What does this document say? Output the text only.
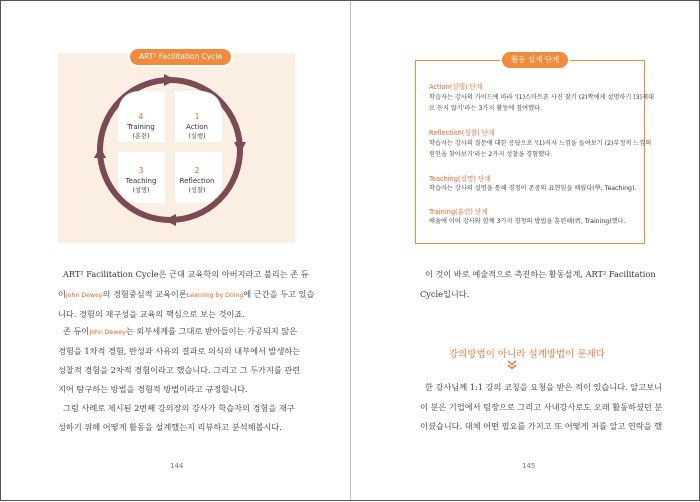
4
Training
(훈련)
1
Action
(실행)
2
Reflection
(성찰)
3
Teaching
(설명)
ART² Facilitation Cycle
ART² Facilitation Cycle은 근대 교육학의 아버지라고 불리는 존 듀
이John Dewey의 경험중심적 교육이론Learning by Doing에 근간을 두고 있습
니다. 경험의 재구성을 교육의 핵심으로 보는 것이죠.
존 듀이John Dewey는 외부세계를 그대로 받아들이는 가공되지 않은
경험을 1차적 경험, 반성과 사유의 결과로 의식의 내부에서 발생하는
성찰적 경험을 2차적 경험이라고 했습니다. 그리고 그 두가지를 관련
지어 탐구하는 방법을 경험적 방법이라고 규정합니다.
그럼 사례로 제시된 2번째 강의장의 강사가 학습자의 경험을 재구
성하기 위해 어떻게 활동을 설계했는지 리뷰하고 분석해봅시다.
144
활동 설계 단계
Action(실행) 단계
학습자는 강사의 가이드에 따라 '(1)스마트폰 사진 찾기 (2)짝에게 설명하기 (3)제대
로 듣지 않기'라는 3가지 활동에 참여했다.
Reflection(성찰) 단계
학습자는 강사의 질문에 대한 응답으로 '(1)저자 느낌을 들여보기 (2)부정적 느낌의
원인을 찾아보기'라는 2가지 성찰을 경험했다.
Teaching(설명) 단계
학습자는 강사의 설명을 통해 경청이 존중의 표현임을 배웠다(學, Teaching).
Training(훈련) 단계
배움에 이어 강사와 함께 3가지 경청의 방법을 훈련해(習, Training)했다.
이 것이 바로 예술적으로 촉진하는 활동설계, ART² Facilitation
Cycle입니다.
강의방법이 아니라 설계방법이 문제다
한 강사님께 1:1 강의 코칭을 요청을 받은 적이 있습니다. 알고보니
이 분은 기업에서 팀장으로 그리고 사내강사로도 오래 활동하셨던 분
이셨습니다. 대체 어떤 필요를 가지고 또 어떻게 저를 알고 연락을 했
145
